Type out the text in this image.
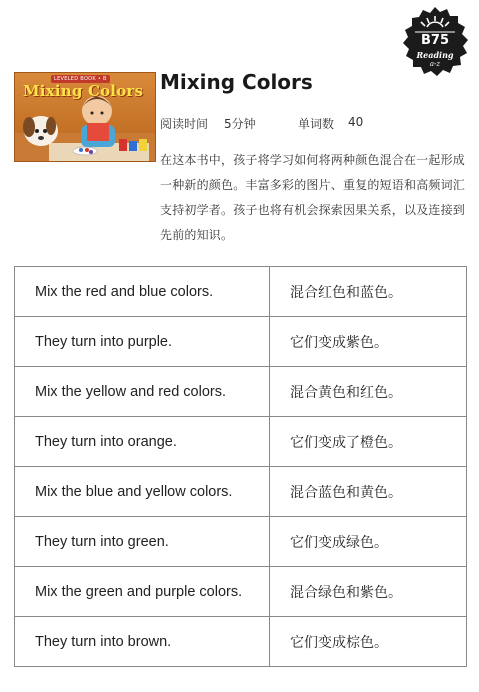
B75
Reading
a-z
LEVELED BOOK • B
Mixing Colors Mixing Colors
阅读时间 5分钟	单词数 40
在这本书中，孩子将学习如何将两种颜色混合在一起形成一种新的颜色。丰富多彩的图片、重复的短语和高频词汇支持初学者。孩子也将有机会探索因果关系，以及连接到先前的知识。
Mix the red and blue colors.	混合红色和蓝色。
They turn into purple.	它们变成紫色。
Mix the yellow and red colors.	混合黄色和红色。
They turn into orange.	它们变成了橙色。
Mix the blue and yellow colors.	混合蓝色和黄色。
They turn into green.	它们变成绿色。
Mix the green and purple colors.	混合绿色和紫色。
They turn into brown.	它们变成棕色。
